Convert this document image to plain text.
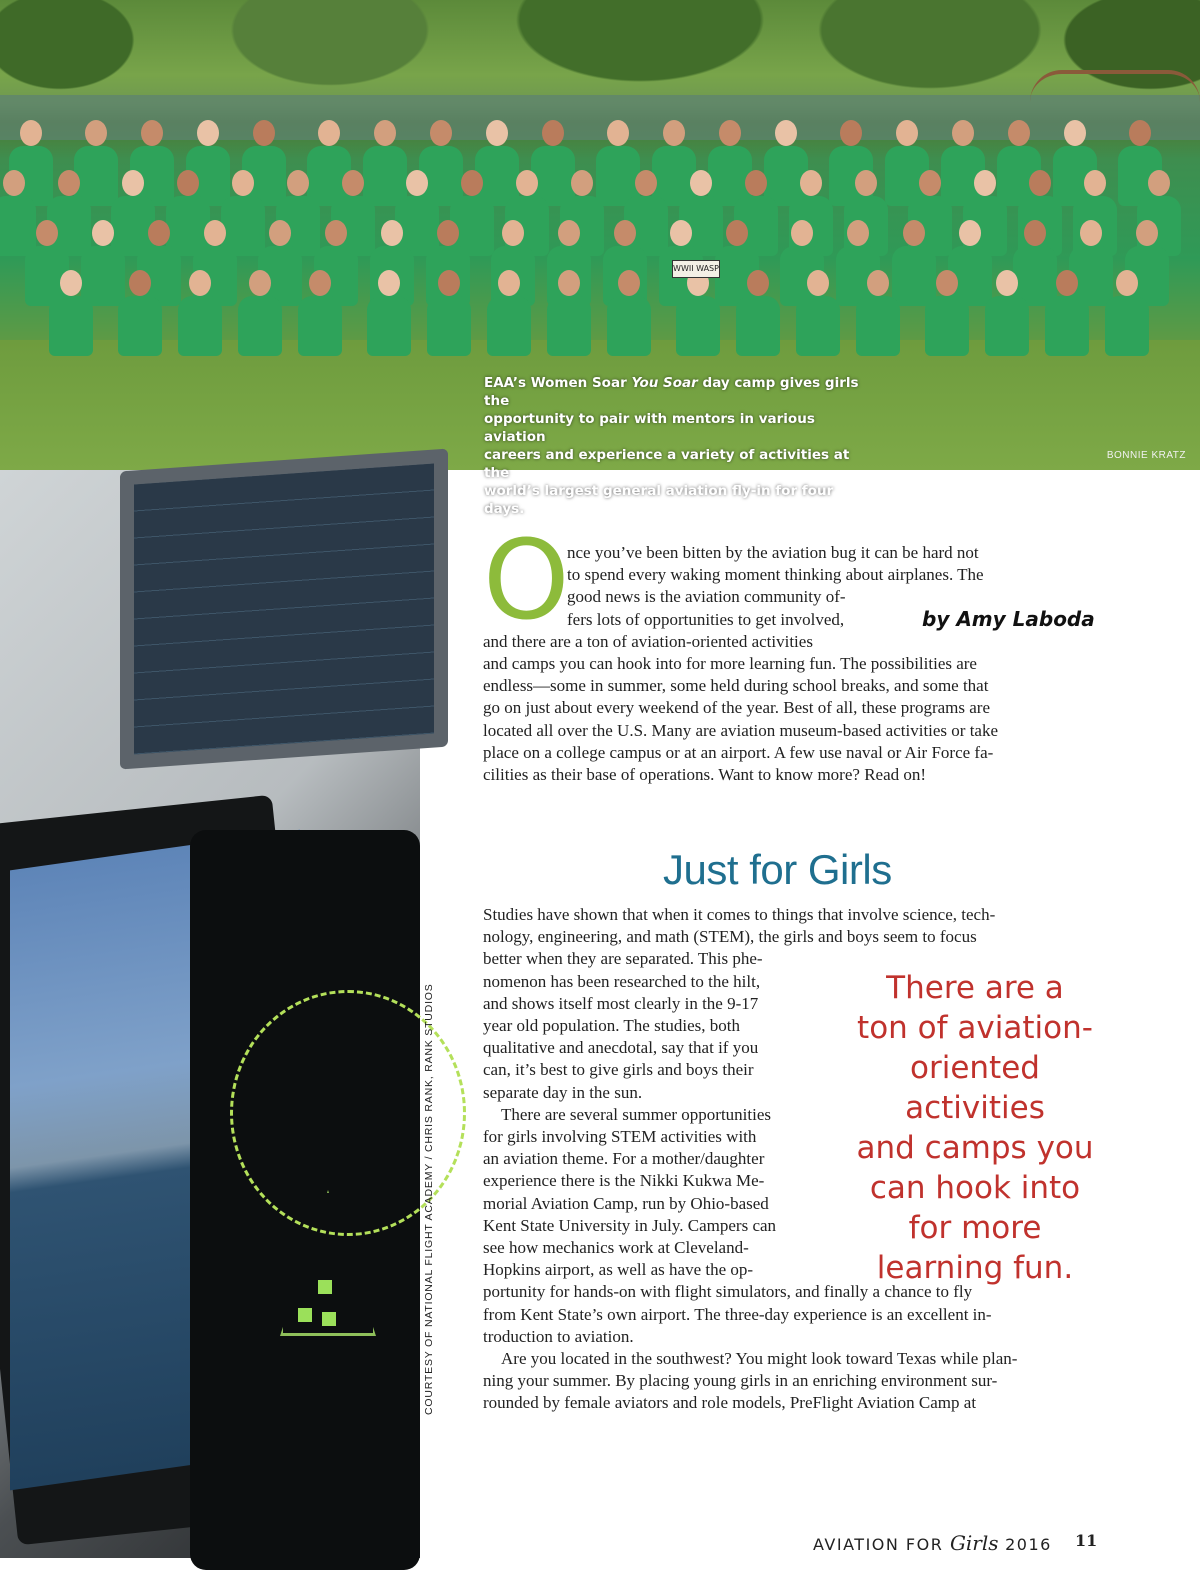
WWII WASP
EAA’s Women Soar You Soar day camp gives girls the
opportunity to pair with mentors in various aviation
careers and experience a variety of activities at the
world’s largest general aviation fly-in for four days.
BONNIE KRATZ
COURTESY OF NATIONAL FLIGHT ACADEMY / CHRIS RANK, RANK STUDIOS
O
nce you’ve been bitten by the aviation bug it can be hard not
to spend every waking moment thinking about airplanes. The
good news is the aviation community of-
fers lots of opportunities to get involved,
and there are a ton of aviation-oriented activities
and camps you can hook into for more learning fun. The possibilities are
endless—some in summer, some held during school breaks, and some that
go on just about every weekend of the year. Best of all, these programs are
located all over the U.S. Many are aviation museum-based activities or take
place on a college campus or at an airport. A few use naval or Air Force fa-
cilities as their base of operations. Want to know more? Read on!
by Amy Laboda
Just for Girls
Studies have shown that when it comes to things that involve science, tech-
nology, engineering, and math (STEM), the girls and boys seem to focus
better when they are separated. This phe-
nomenon has been researched to the hilt,
and shows itself most clearly in the 9-17
year old population. The studies, both
qualitative and anecdotal, say that if you
can, it’s best to give girls and boys their
separate day in the sun.
There are several summer opportunities
for girls involving STEM activities with
an aviation theme. For a mother/daughter
experience there is the Nikki Kukwa Me-
morial Aviation Camp, run by Ohio-based
Kent State University in July. Campers can
see how mechanics work at Cleveland-
Hopkins airport, as well as have the op-
portunity for hands-on with flight simulators, and finally a chance to fly
from Kent State’s own airport. The three-day experience is an excellent in-
troduction to aviation.
Are you located in the southwest? You might look toward Texas while plan-
ning your summer. By placing young girls in an enriching environment sur-
rounded by female aviators and role models, PreFlight Aviation Camp at
There are a
ton of aviation-
oriented
activities
and camps you
can hook into
for more
learning fun.
AVIATION FOR Girls 2016 11
